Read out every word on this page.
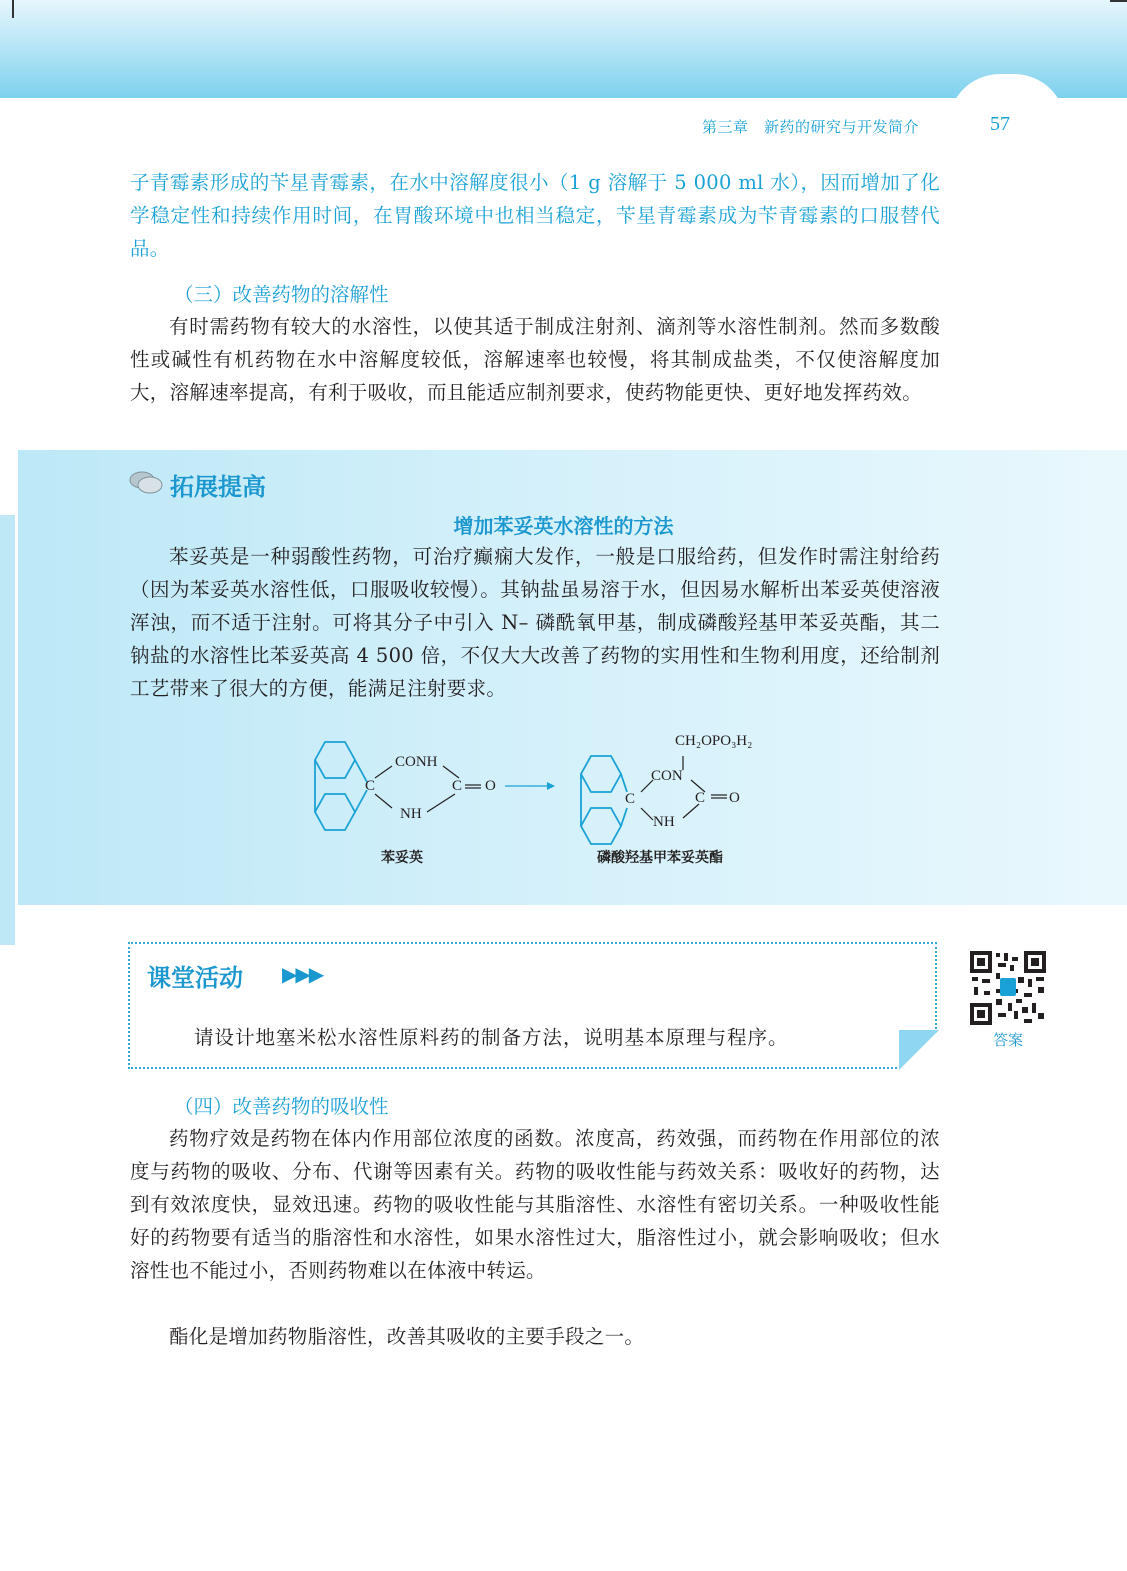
第三章　新药的研究与开发简介	57
子青霉素形成的苄星青霉素，在水中溶解度很小（1 g 溶解于 5 000 ml 水），因而增加了化学稳定性和持续作用时间，在胃酸环境中也相当稳定，苄星青霉素成为苄青霉素的口服替代品。
（三）改善药物的溶解性
有时需药物有较大的水溶性，以使其适于制成注射剂、滴剂等水溶性制剂。然而多数酸性或碱性有机药物在水中溶解度较低，溶解速率也较慢，将其制成盐类，不仅使溶解度加大，溶解速率提高，有利于吸收，而且能适应制剂要求，使药物能更快、更好地发挥药效。
拓展提高
增加苯妥英水溶性的方法
苯妥英是一种弱酸性药物，可治疗癫痫大发作，一般是口服给药，但发作时需注射给药（因为苯妥英水溶性低，口服吸收较慢）。其钠盐虽易溶于水，但因易水解析出苯妥英使溶液浑浊，而不适于注射。可将其分子中引入 N– 磷酰氧甲基，制成磷酸羟基甲苯妥英酯，其二钠盐的水溶性比苯妥英高 4 500 倍，不仅大大改善了药物的实用性和生物利用度，还给制剂工艺带来了很大的方便，能满足注射要求。
CONH
C	C O
NH
CH₂OPO₃H₂
CON
C	C O
NH
苯妥英	磷酸羟基甲苯妥英酯
课堂活动 ▶▶▶
请设计地塞米松水溶性原料药的制备方法，说明基本原理与程序。	答案
（四）改善药物的吸收性
药物疗效是药物在体内作用部位浓度的函数。浓度高，药效强，而药物在作用部位的浓度与药物的吸收、分布、代谢等因素有关。药物的吸收性能与药效关系：吸收好的药物，达到有效浓度快，显效迅速。药物的吸收性能与其脂溶性、水溶性有密切关系。一种吸收性能好的药物要有适当的脂溶性和水溶性，如果水溶性过大，脂溶性过小，就会影响吸收；但水溶性也不能过小，否则药物难以在体液中转运。
酯化是增加药物脂溶性，改善其吸收的主要手段之一。
